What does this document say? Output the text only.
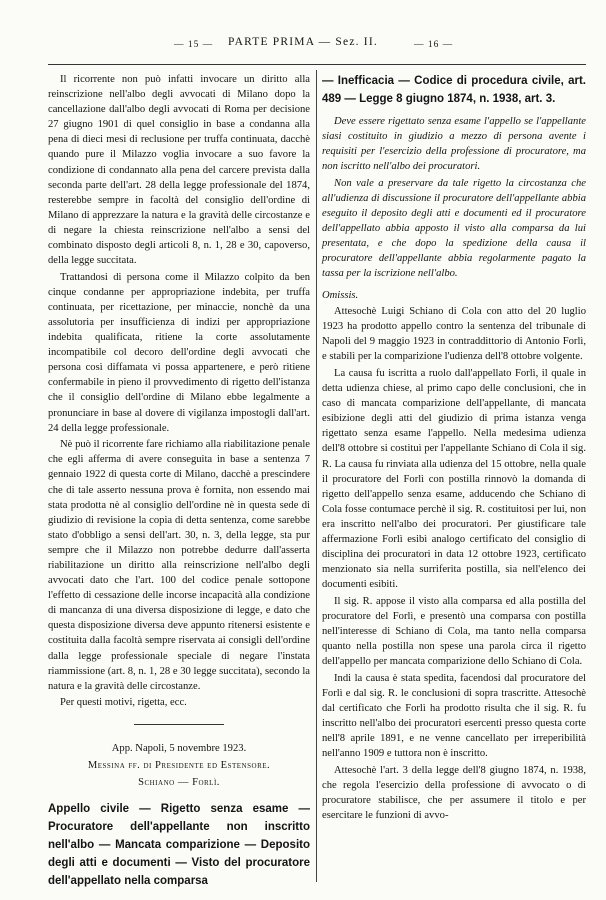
— 15 —	PARTE PRIMA — Sez. II.	— 16 —

Il ricorrente non può infatti invocare un diritto alla reinscrizione nell'albo degli avvocati di Milano dopo la cancellazione dall'albo degli avvocati di Roma per decisione 27 giugno 1901 di quel consiglio in base a condanna alla pena di dieci mesi di reclusione per truffa continuata, dacchè quando pure il Milazzo voglia invocare a suo favore la condizione di condannato alla pena del carcere prevista dalla seconda parte dell'art. 28 della legge professionale del 1874, resterebbe sempre in facoltà del consiglio dell'ordine di Milano di apprezzare la natura e la gravità delle circostanze e di negare la chiesta reinscrizione nell'albo a sensi del combinato disposto degli articoli 8, n. 1, 28 e 30, capoverso, della legge succitata.

Trattandosi di persona come il Milazzo colpito da ben cinque condanne per appropriazione indebita, per truffa continuata, per ricettazione, per minaccie, nonchè da una assolutoria per insufficienza di indizi per appropriazione indebita qualificata, ritiene la corte assolutamente incompatibile col decoro dell'ordine degli avvocati che persona così diffamata vi possa appartenere, e però ritiene confermabile in pieno il provvedimento di rigetto dell'istanza che il consiglio dell'ordine di Milano ebbe legalmente a pronunciare in base al dovere di vigilanza impostogli dall'art. 24 della legge professionale.

Nè può il ricorrente fare richiamo alla riabilitazione penale che egli afferma di avere conseguita in base a sentenza 7 gennaio 1922 di questa corte di Milano, dacchè a prescindere che di tale asserto nessuna prova è fornita, non essendo mai stata prodotta nè al consiglio dell'ordine nè in questa sede di giudizio di revisione la copia di detta sentenza, come sarebbe stato d'obbligo a sensi dell'art. 30, n. 3, della legge, sta pur sempre che il Milazzo non potrebbe dedurre dall'asserta riabilitazione un diritto alla reinscrizione nell'albo degli avvocati dato che l'art. 100 del codice penale sottopone l'effetto di cessazione delle incorse incapacità alla condizione di mancanza di una diversa disposizione di legge, e dato che questa disposizione diversa deve appunto ritenersi esistente e costituita dalla facoltà sempre riservata ai consigli dell'ordine dalla legge professionale speciale di negare l'instata riammissione (art. 8, n. 1, 28 e 30 legge succitata), secondo la natura e la gravità delle circostanze.

Per questi motivi, rigetta, ecc.

App. Napoli, 5 novembre 1923.

Messina ff. di Presidente ed Estensore.

Schiano — Forlì.

Appello civile — Rigetto senza esame — Procuratore dell'appellante non inscritto nell'albo — Mancata comparizione — Deposito degli atti e documenti — Visto del procuratore dell'appellato nella comparsa
— Inefficacia — Codice di procedura civile, art. 489 — Legge 8 giugno 1874, n. 1938, art. 3.

Deve essere rigettato senza esame l'appello se l'appellante siasi costituito in giudizio a mezzo di persona avente i requisiti per l'esercizio della professione di procuratore, ma non iscritto nell'albo dei procuratori.

Non vale a preservare da tale rigetto la circostanza che all'udienza di discussione il procuratore dell'appellante abbia eseguito il deposito degli atti e documenti ed il procuratore dell'appellato abbia apposto il visto alla comparsa da lui presentata, e che dopo la spedizione della causa il procuratore dell'appellante abbia regolarmente pagato la tassa per la iscrizione nell'albo.

Omissis.

Attesochè Luigi Schiano di Cola con atto del 20 luglio 1923 ha prodotto appello contro la sentenza del tribunale di Napoli del 9 maggio 1923 in contraddittorio di Antonio Forlì, e stabilì per la comparizione l'udienza dell'8 ottobre volgente.

La causa fu iscritta a ruolo dall'appellato Forlì, il quale in detta udienza chiese, al primo capo delle conclusioni, che in caso di mancata comparizione dell'appellante, di mancata esibizione degli atti del giudizio di prima istanza venga rigettato senza esame l'appello. Nella medesima udienza dell'8 ottobre si costituì per l'appellante Schiano di Cola il sig. R. La causa fu rinviata alla udienza del 15 ottobre, nella quale il procuratore del Forlì con postilla rinnovò la domanda di rigetto dell'appello senza esame, adducendo che Schiano di Cola fosse contumace perchè il sig. R. costituitosi per lui, non era inscritto nell'albo dei procuratori. Per giustificare tale affermazione Forlì esibì analogo certificato del consiglio di disciplina dei procuratori in data 12 ottobre 1923, certificato menzionato sia nella surriferita postilla, sia nell'elenco dei documenti esibiti.

Il sig. R. appose il visto alla comparsa ed alla postilla del procuratore del Forlì, e presentò una comparsa con postilla nell'interesse di Schiano di Cola, ma tanto nella comparsa quanto nella postilla non spese una parola circa il rigetto dell'appello per mancata comparizione dello Schiano di Cola.

Indi la causa è stata spedita, facendosi dal procuratore del Forlì e dal sig. R. le conclusioni di sopra trascritte. Attesochè dal certificato che Forlì ha prodotto risulta che il sig. R. fu inscritto nell'albo dei procuratori esercenti presso questa corte nell'8 aprile 1891, e ne venne cancellato per irreperibilità nell'anno 1909 e tuttora non è inscritto.

Attesochè l'art. 3 della legge dell'8 giugno 1874, n. 1938, che regola l'esercizio della professione di avvocato o di procuratore stabilisce, che per assumere il titolo e per esercitare le funzioni di avvo-
